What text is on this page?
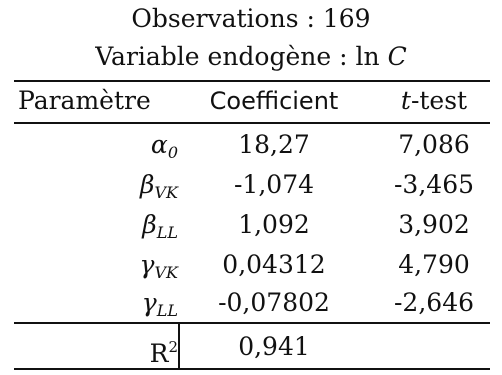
Observations : 169
Variable endogène : ln C
Paramètre	Coefficient	t-test
$\alpha_0$	18,27	7,086
$\beta_{VK}$	-1,074	-3,465
$\beta_{LL}$	1,092	3,902
$\gamma_{VK}$	0,04312	4,790
$\gamma_{LL}$	-0,07802	-2,646
$R^2$	0,941
